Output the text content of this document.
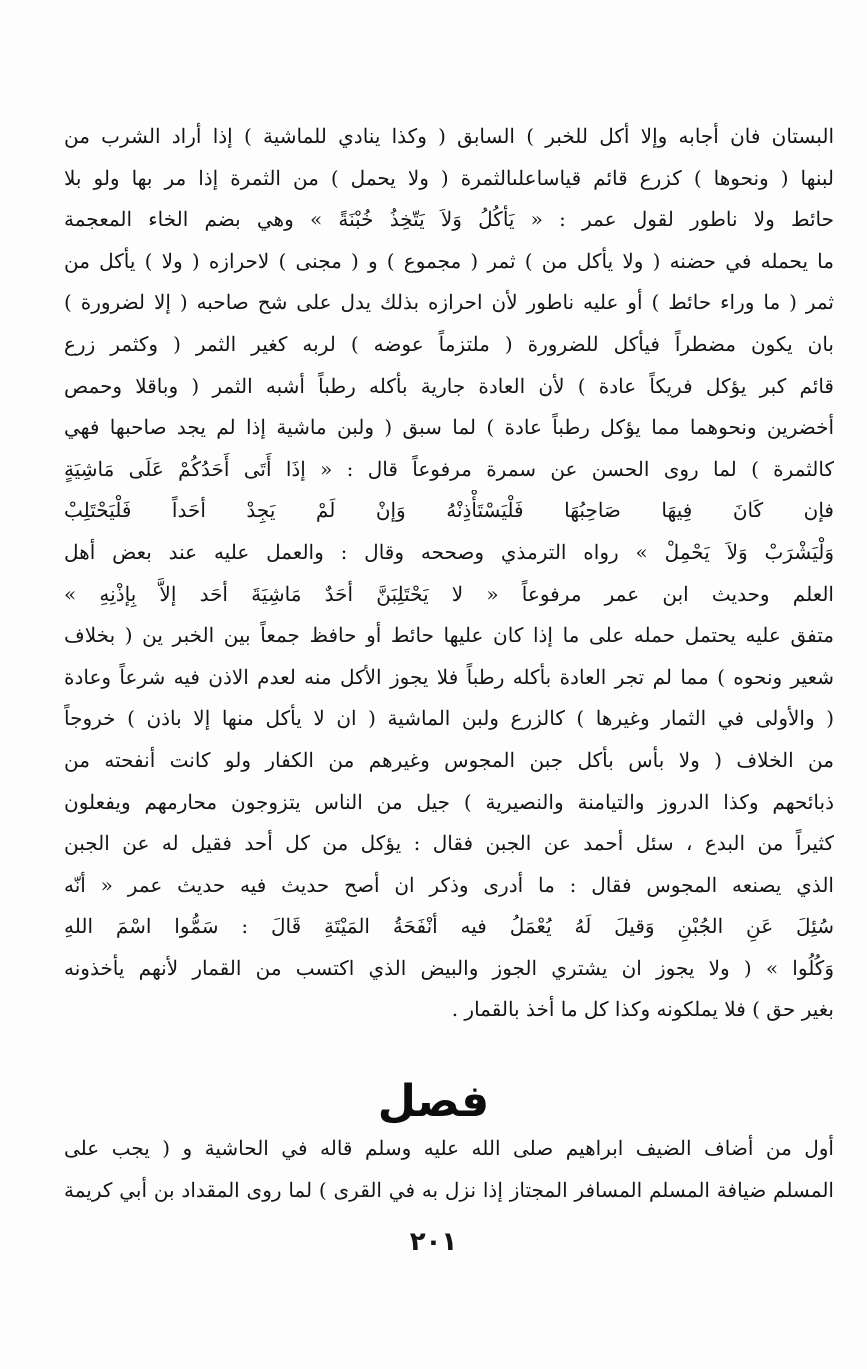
البستان فان أجابه وإلا أكل للخبر ) السابق ( وكذا ينادي للماشية ) إذا أراد الشرب من
لبنها ( ونحوها ) كزرع قائم قياساعلىالثمرة ( ولا يحمل ) من الثمرة إذا مر بها ولو بلا
حائط ولا ناطور لقول عمر : « يَأكُلُ وَلاَ يَتّخِذُ خُبْنَةً » وهي بضم الخاء المعجمة
ما يحمله في حضنه ( ولا يأكل من ) ثمر ( مجموع ) و ( مجنى ) لاحرازه ( ولا ) يأكل من
ثمر ( ما وراء حائط ) أو عليه ناطور لأن احرازه بذلك يدل على شح صاحبه ( إلا لضرورة )
بان يكون مضطراً فيأكل للضرورة ( ملتزماً عوضه ) لربه كغير الثمر ( وكثمر زرع
قائم كبر يؤكل فريكاً عادة ) لأن العادة جارية بأكله رطباً أشبه الثمر ( وباقلا وحمص
أخضرين ونحوهما مما يؤكل رطباً عادة ) لما سبق ( ولبن ماشية إذا لم يجد صاحبها فهي
كالثمرة ) لما روى الحسن عن سمرة مرفوعاً قال : « إذَا أَتَى أَحَدُكُمْ عَلَى مَاشِيَةٍ
فإن كَانَ فِيهَا صَاحِبُهَا فَلْيَسْتَأْذِنْهُ وَإنْ لَمْ يَجِدْ أحَداً فَلْيَحْتَلِبْ
وَلْيَشْرَبْ وَلاَ يَحْمِلْ » رواه الترمذي وصححه وقال : والعمل عليه عند بعض أهل
العلم وحديث ابن عمر مرفوعاً « لا يَحْتَلِبَنَّ أحَدٌ مَاشِيَةَ أحَد إلاَّ بِإذْنِهِ »
متفق عليه يحتمل حمله على ما إذا كان عليها حائط أو حافظ جمعاً بين الخبر ين ( بخلاف
شعير ونحوه ) مما لم تجر العادة بأكله رطباً فلا يجوز الأكل منه لعدم الاذن فيه شرعاً وعادة
( والأولى في الثمار وغيرها ) كالزرع ولبن الماشية ( ان لا يأكل منها إلا باذن ) خروجاً
من الخلاف ( ولا بأس بأكل جبن المجوس وغيرهم من الكفار ولو كانت أنفحته من
ذبائحهم وكذا الدروز والتيامنة والنصيرية ) جيل من الناس يتزوجون محارمهم ويفعلون
كثيراً من البدع ، سئل أحمد عن الجبن فقال : يؤكل من كل أحد فقيل له عن الجبن
الذي يصنعه المجوس فقال : ما أدرى وذكر ان أصح حديث فيه حديث عمر « أنّه
سُئِلَ عَنِ الجُبْنِ وَقيلَ لَهُ يُعْمَلُ فيه أنْفَحَةُ المَيْتَةِ قَالَ : سَمُّوا اسْمَ اللهِ
وَكُلُوا » ( ولا يجوز ان يشتري الجوز والبيض الذي اكتسب من القمار لأنهم يأخذونه
بغير حق ) فلا يملكونه وكذا كل ما أخذ بالقمار .
فصل
أول من أضاف الضيف ابراهيم صلى الله عليه وسلم قاله في الحاشية و ( يجب على
المسلم ضيافة المسلم المسافر المجتاز إذا نزل به في القرى ) لما روى المقداد بن أبي كريمة
٢٠١
